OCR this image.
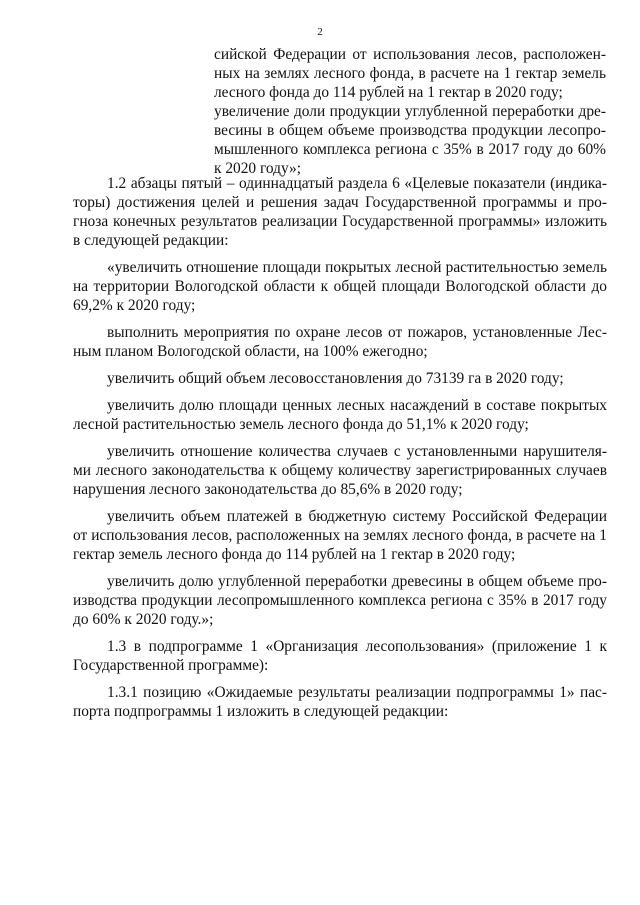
2
сийской Федерации от использования лесов, расположен-
ных на землях лесного фонда, в расчете на 1 гектар земель
лесного фонда до 114 рублей на 1 гектар в 2020 году;
увеличение доли продукции углубленной переработки дре-
весины в общем объеме производства продукции лесопро-
мышленного комплекса региона с 35% в 2017 году до 60%
к 2020 году»;
1.2 абзацы пятый – одиннадцатый раздела 6 «Целевые показатели (индика-
торы) достижения целей и решения задач Государственной программы и про-
гноза конечных результатов реализации Государственной программы» изложить
в следующей редакции:
«увеличить отношение площади покрытых лесной растительностью земель
на территории Вологодской области к общей площади Вологодской области до
69,2% к 2020 году;
выполнить мероприятия по охране лесов от пожаров, установленные Лес-
ным планом Вологодской области, на 100% ежегодно;
увеличить общий объем лесовосстановления до 73139 га в 2020 году;
увеличить долю площади ценных лесных насаждений в составе покрытых
лесной растительностью земель лесного фонда до 51,1% к 2020 году;
увеличить отношение количества случаев с установленными нарушителя-
ми лесного законодательства к общему количеству зарегистрированных случаев
нарушения лесного законодательства до 85,6% в 2020 году;
увеличить объем платежей в бюджетную систему Российской Федерации
от использования лесов, расположенных на землях лесного фонда, в расчете на 1
гектар земель лесного фонда до 114 рублей на 1 гектар в 2020 году;
увеличить долю углубленной переработки древесины в общем объеме про-
изводства продукции лесопромышленного комплекса региона с 35% в 2017 году
до 60% к 2020 году.»;
1.3 в подпрограмме 1 «Организация лесопользования» (приложение 1 к
Государственной программе):
1.3.1 позицию «Ожидаемые результаты реализации подпрограммы 1» пас-
порта подпрограммы 1 изложить в следующей редакции:
